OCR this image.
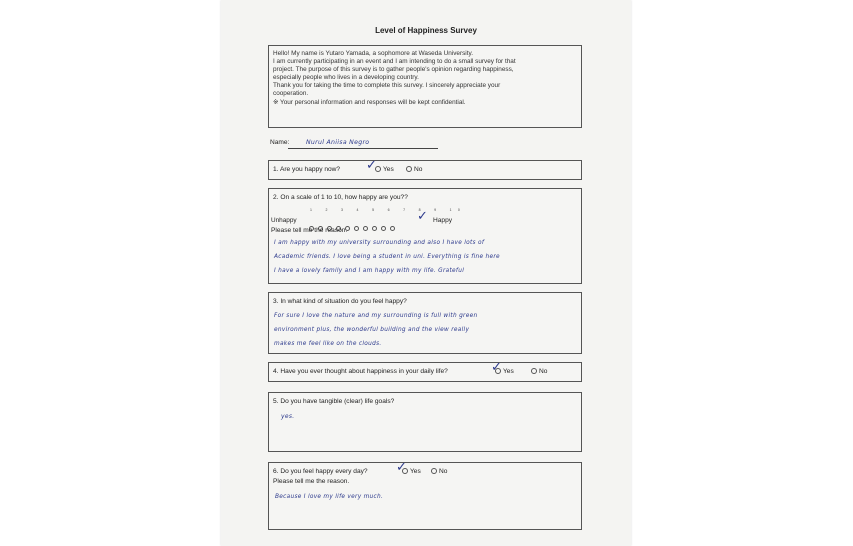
Level of Happiness Survey

Hello! My name is Yutaro Yamada, a sophomore at Waseda University.

I am currently participating in an event and I am intending to do a small survey for that

project. The purpose of this survey is to gather people's opinion regarding happiness,

especially people who lives in a developing country.

Thank you for taking the time to complete this survey. I sincerely appreciate your

cooperation.

※ Your personal information and responses will be kept confidential.

Name:	Nurul Aniisa Negro
1. Are you happy now?	Yes	No
✓
2. On a scale of 1 to 10, how happy are you??
1 2 3 4 5 6 7 8 9 10
Unhappy	✓ Happy
Please tell me the reason.
I am happy with my university surrounding and also I have lots of
Academic friends. I love being a student in uni. Everything is fine here
I have a lovely family and I am happy with my life. Grateful
3. In what kind of situation do you feel happy?
For sure I love the nature and my surrounding is full with green
environment plus, the wonderful building and the view really
makes me feel like on the clouds.
4. Have you ever thought about happiness in your daily life?	Yes	No
✓
5. Do you have tangible (clear) life goals?
yes.
6. Do you feel happy every day?	Yes	No
✓
Please tell me the reason.
Because I love my life very much.
